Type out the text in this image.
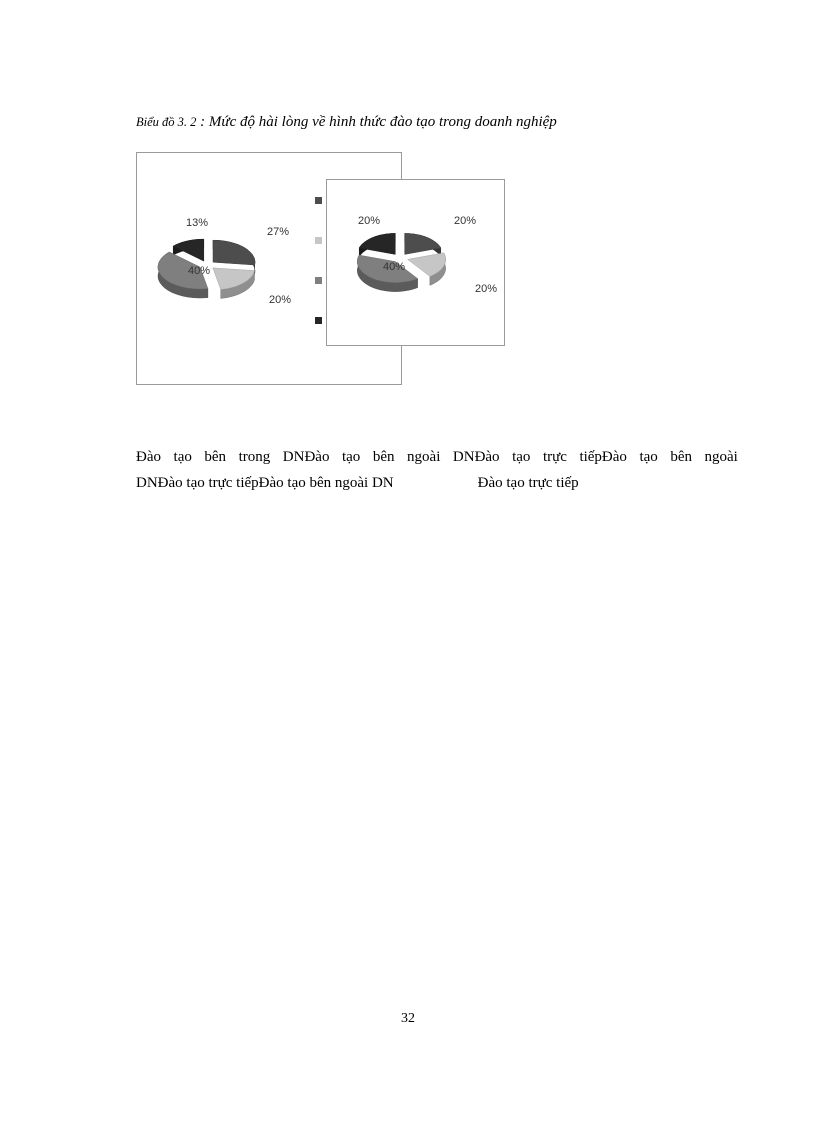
Biểu đồ 3. 2 : Mức độ hài lòng về hình thức đào tạo trong doanh nghiệp
27%
20%
40%
13%	20%
20%
40%
20%
Đào tạo bên trong DNĐào tạo bên ngoài DNĐào tạo trực tiếpĐào tạo bên ngoài
DNĐào tạo trực tiếpĐào tạo bên ngoài DN	Đào tạo trực tiếp
32
